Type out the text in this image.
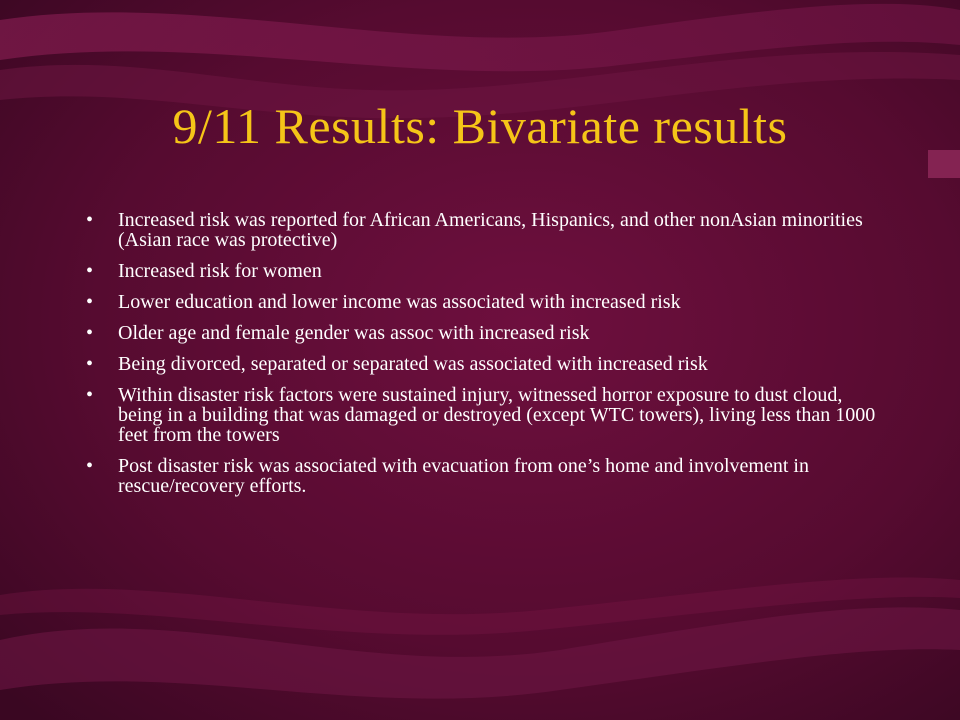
9/11 Results: Bivariate results
•	Increased risk was reported for African Americans, Hispanics, and other nonAsian minorities (Asian race was protective)
•	Increased risk for women
•	Lower education and lower income was associated with increased risk
•	Older age and female gender was assoc with increased risk
•	Being divorced, separated or separated was associated with increased risk
•	Within disaster risk factors were sustained injury, witnessed horror exposure to dust cloud, being in a building that was damaged or destroyed (except WTC towers), living less than 1000 feet from the towers
•	Post disaster risk was associated with evacuation from one’s home and involvement in rescue/recovery efforts.
